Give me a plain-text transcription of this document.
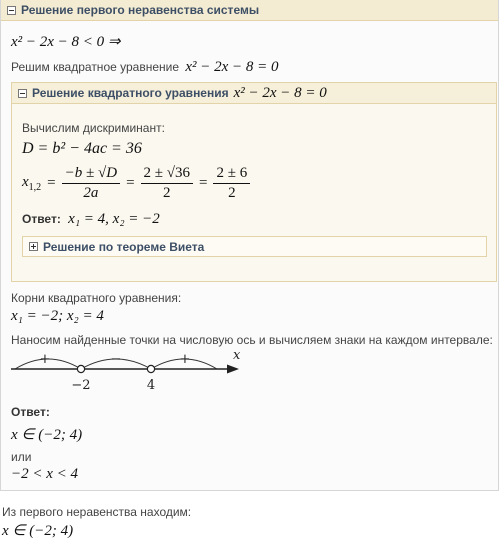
Решение первого неравенства системы
x² − 2x − 8 < 0 ⇒
Решим квадратное уравнение x² − 2x − 8 = 0
Решение квадратного уравнения x² − 2x − 8 = 0
Вычислим дискриминант:
D = b² − 4ac = 36
$x_{1,2} = \frac{-b \pm √D}{2a} = \frac{2 \pm √36}{2} = \frac{2 \pm 6}{2}$
Ответ: x₁ = 4, x₂ = −2
Решение по теореме Виета
Корни квадратного уравнения:
x₁ = −2; x₂ = 4
Наносим найденные точки на числовую ось и вычисляем знаки на каждом интервале:
+	−	+	x
−2	4
Ответ:
x ∈ (−2; 4)
или
−2 < x < 4
Из первого неравенства находим:
x ∈ (−2; 4)
